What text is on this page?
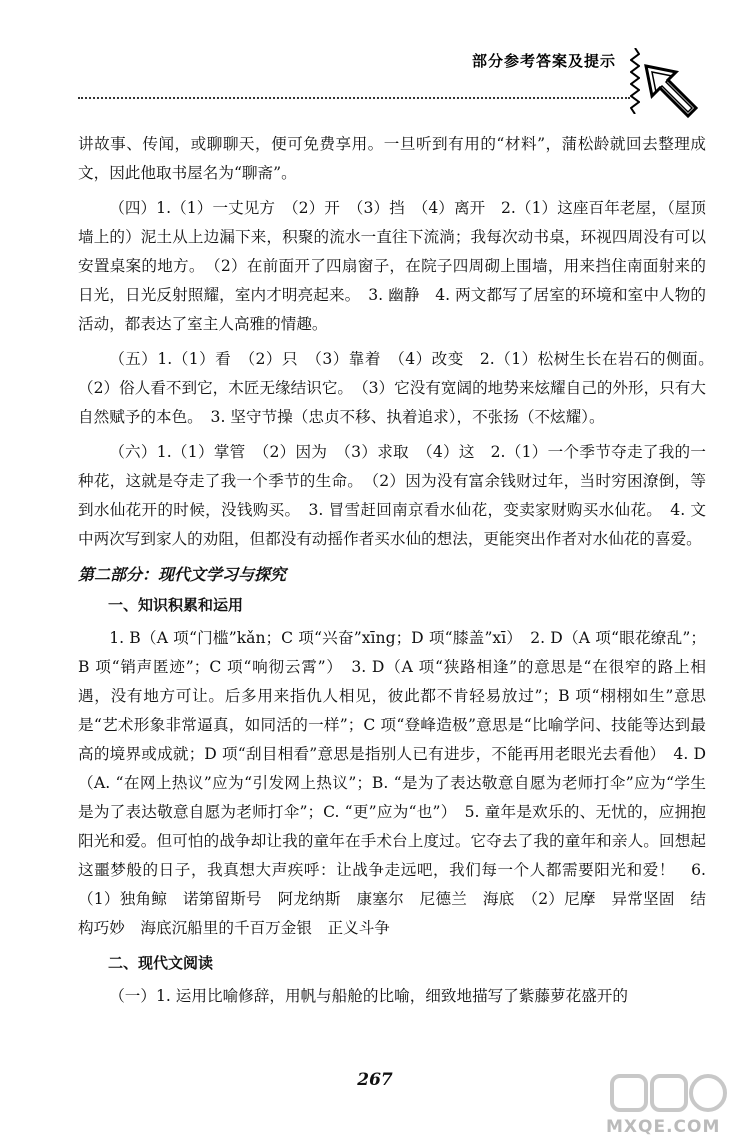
部分参考答案及提示

讲故事、传闻，或聊聊天，便可免费享用。一旦听到有用的“材料”，蒲松龄就回去整理成文，因此他取书屋名为“聊斋”。

（四）1.（1）一丈见方　（2）开　（3）挡　（4）离开　2.（1）这座百年老屋，（屋顶墙上的）泥土从上边漏下来，积聚的流水一直往下流淌；我每次动书桌，环视四周没有可以安置桌案的地方。　（2）在前面开了四扇窗子，在院子四周砌上围墙，用来挡住南面射来的日光，日光反射照耀，室内才明亮起来。　3. 幽静　4. 两文都写了居室的环境和室中人物的活动，都表达了室主人高雅的情趣。

（五）1.（1）看　（2）只　（3）靠着　（4）改变　2.（1）松树生长在岩石的侧面。　（2）俗人看不到它，木匠无缘结识它。　（3）它没有宽阔的地势来炫耀自己的外形，只有大自然赋予的本色。　3. 坚守节操（忠贞不移、执着追求），不张扬（不炫耀）。

（六）1.（1）掌管　（2）因为　（3）求取　（4）这　2.（1）一个季节夺走了我的一种花，这就是夺走了我一个季节的生命。　（2）因为没有富余钱财过年，当时穷困潦倒，等到水仙花开的时候，没钱购买。　3. 冒雪赶回南京看水仙花，变卖家财购买水仙花。　4. 文中两次写到家人的劝阻，但都没有动摇作者买水仙的想法，更能突出作者对水仙花的喜爱。

第二部分：现代文学习与探究
一、知识积累和运用

1. B（A 项“门槛”kǎn；C 项“兴奋”xīng；D 项“膝盖”xī）　2. D（A 项“眼花缭乱”；B 项“销声匿迹”；C 项“响彻云霄”）　3. D（A 项“狭路相逢”的意思是“在很窄的路上相遇，没有地方可让。后多用来指仇人相见，彼此都不肯轻易放过”；B 项“栩栩如生”意思是“艺术形象非常逼真，如同活的一样”；C 项“登峰造极”意思是“比喻学问、技能等达到最高的境界或成就；D 项“刮目相看”意思是指别人已有进步，不能再用老眼光去看他）　4. D（A. “在网上热议”应为“引发网上热议”；B. “是为了表达敬意自愿为老师打伞”应为“学生是为了表达敬意自愿为老师打伞”；C. “更”应为“也”）　5. 童年是欢乐的、无忧的，应拥抱阳光和爱。但可怕的战争却让我的童年在手术台上度过。它夺去了我的童年和亲人。回想起这噩梦般的日子，我真想大声疾呼：让战争走远吧，我们每一个人都需要阳光和爱！　6.（1）独角鲸　诺第留斯号　阿龙纳斯　康塞尔　尼德兰　海底　（2）尼摩　异常坚固　结构巧妙　海底沉船里的千百万金银　正义斗争

二、现代文阅读

（一）1. 运用比喻修辞，用帆与船舱的比喻，细致地描写了紫藤萝花盛开的

267
MXQE.COM
